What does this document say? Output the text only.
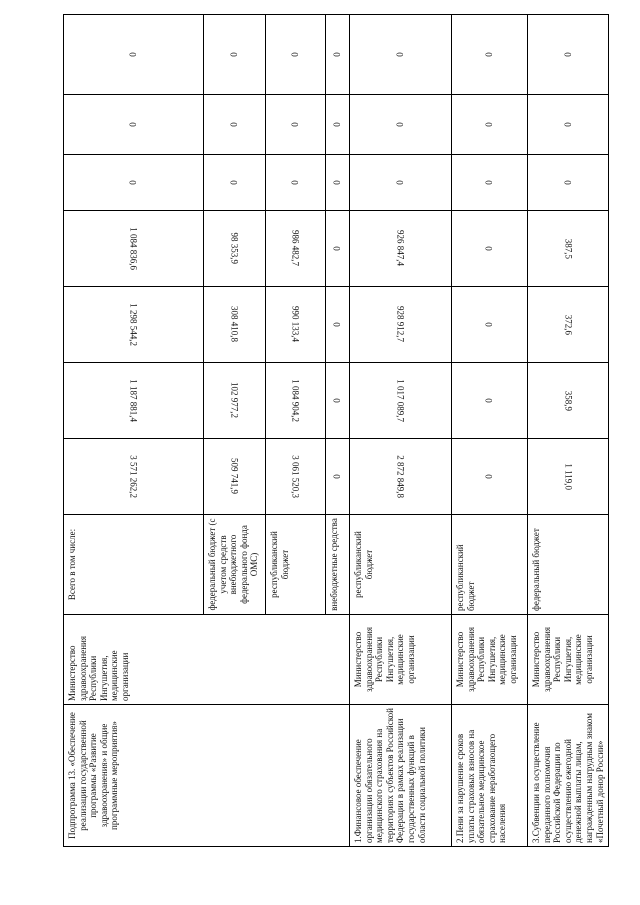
Подпрограмма 13. «Обеспечение реализации государственной программы «Развитие здравоохранения» и общие программные мероприятия»	Министерство здравоохранения Республики Ингушетия, медицинские организации	Всего в том числе:	3 571 262,2	1 187 881,4	1 298 544,2	1 084 836,6	0	0	0
		федеральный бюджет (с учетом средств внебюджетного федерального фонда ОМС)	509 741,9	102 977,2	308 410,8	98 353,9	0	0	0
		республиканский бюджет	3 061 520,3	1 084 904,2	990 133,4	986 482,7	0	0	0
		внебюджетные средства	0	0	0	0	0	0	0
1.Финансовое обеспечение организации обязательного медицинского страхования на территориях субъектов Российской Федерации в рамках реализации государственных функций в области социальной политики	Министерство здравоохранения Республики Ингушетия, медицинские организации	республиканский бюджет	2 872 849,8	1 017 089,7	928 912,7	926 847,4	0	0	0
2.Пени за нарушение сроков уплаты страховых взносов на обязательное медицинское страхование неработающего населения	Министерство здравоохранения Республики Ингушетия, медицинские организации	республиканский бюджет	0	0	0	0	0	0	0
3.Субвенции на осуществление переданного полномочия Российской Федерации по осуществлению ежегодной денежной выплаты лицам, награжденным нагрудным знаком «Почетный донор России»	Министерство здравоохранения Республики Ингушетия, медицинские организации	федеральный бюджет	1 119,0	358,9	372,6	387,5	0	0	0
